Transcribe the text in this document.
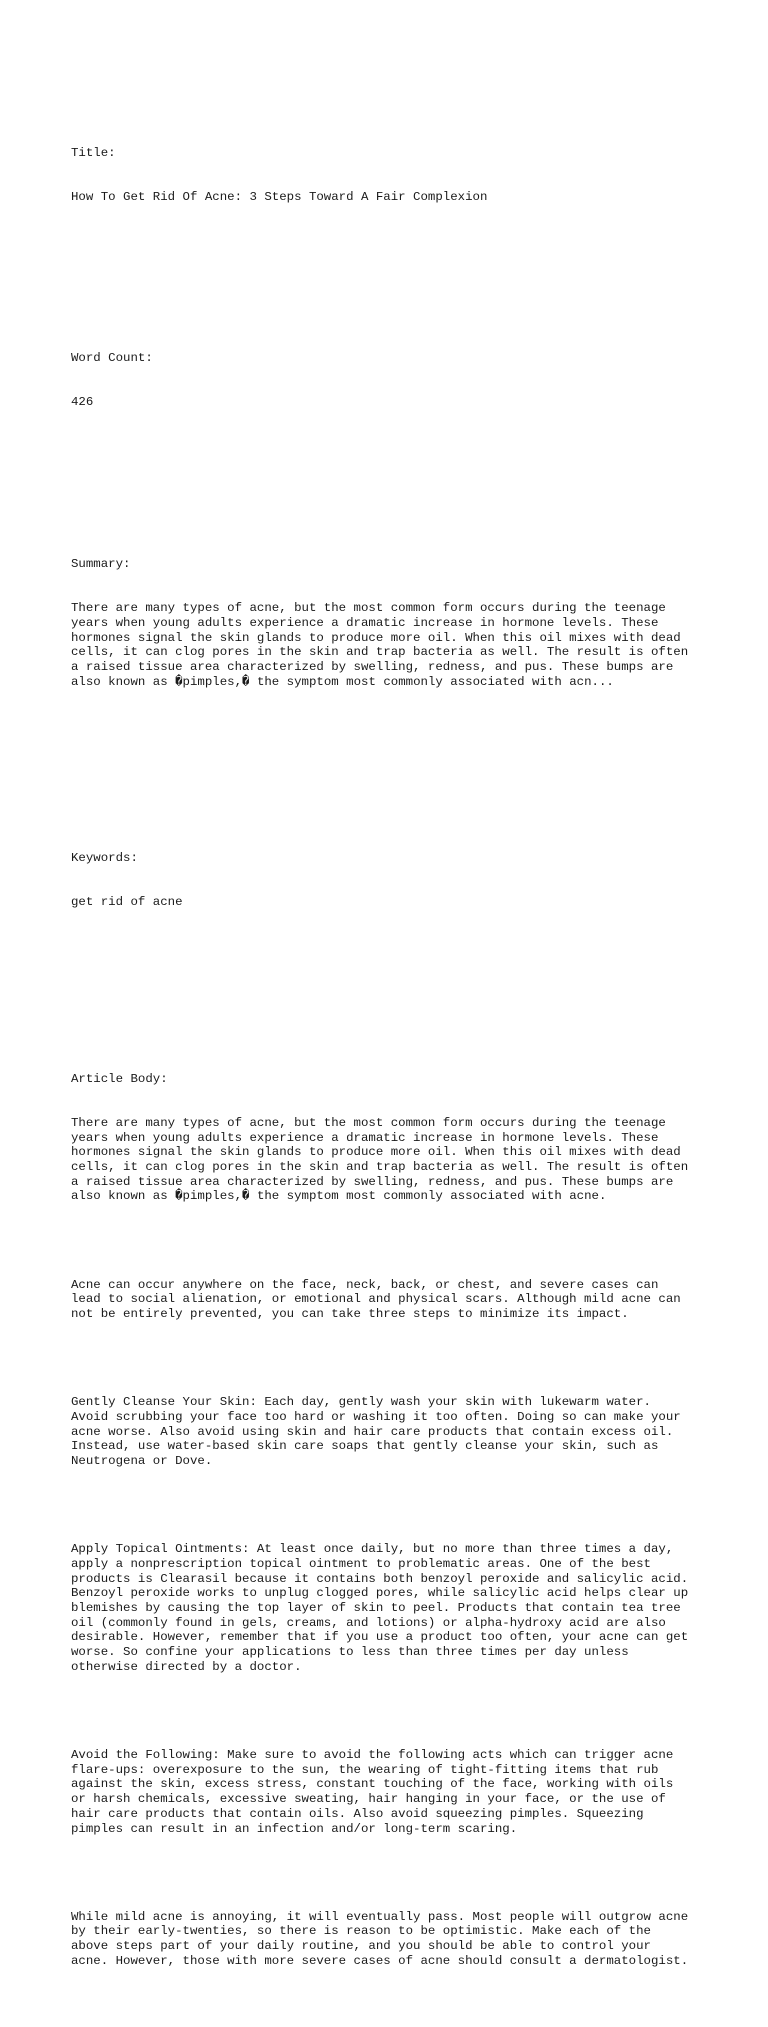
Title:

How To Get Rid Of Acne: 3 Steps Toward A Fair Complexion

Word Count:

426

Summary:

There are many types of acne, but the most common form occurs during the teenage
years when young adults experience a dramatic increase in hormone levels. These
hormones signal the skin glands to produce more oil. When this oil mixes with dead
cells, it can clog pores in the skin and trap bacteria as well. The result is often
a raised tissue area characterized by swelling, redness, and pus. These bumps are
also known as �pimples,� the symptom most commonly associated with acn...

Keywords:

get rid of acne

Article Body:

There are many types of acne, but the most common form occurs during the teenage
years when young adults experience a dramatic increase in hormone levels. These
hormones signal the skin glands to produce more oil. When this oil mixes with dead
cells, it can clog pores in the skin and trap bacteria as well. The result is often
a raised tissue area characterized by swelling, redness, and pus. These bumps are
also known as �pimples,� the symptom most commonly associated with acne.

Acne can occur anywhere on the face, neck, back, or chest, and severe cases can
lead to social alienation, or emotional and physical scars. Although mild acne can
not be entirely prevented, you can take three steps to minimize its impact.

Gently Cleanse Your Skin: Each day, gently wash your skin with lukewarm water.
Avoid scrubbing your face too hard or washing it too often. Doing so can make your
acne worse. Also avoid using skin and hair care products that contain excess oil.
Instead, use water-based skin care soaps that gently cleanse your skin, such as
Neutrogena or Dove.

Apply Topical Ointments: At least once daily, but no more than three times a day,
apply a nonprescription topical ointment to problematic areas. One of the best
products is Clearasil because it contains both benzoyl peroxide and salicylic acid.
Benzoyl peroxide works to unplug clogged pores, while salicylic acid helps clear up
blemishes by causing the top layer of skin to peel. Products that contain tea tree
oil (commonly found in gels, creams, and lotions) or alpha-hydroxy acid are also
desirable. However, remember that if you use a product too often, your acne can get
worse. So confine your applications to less than three times per day unless
otherwise directed by a doctor.

Avoid the Following: Make sure to avoid the following acts which can trigger acne
flare-ups: overexposure to the sun, the wearing of tight-fitting items that rub
against the skin, excess stress, constant touching of the face, working with oils
or harsh chemicals, excessive sweating, hair hanging in your face, or the use of
hair care products that contain oils. Also avoid squeezing pimples. Squeezing
pimples can result in an infection and/or long-term scaring.

While mild acne is annoying, it will eventually pass. Most people will outgrow acne
by their early-twenties, so there is reason to be optimistic. Make each of the
above steps part of your daily routine, and you should be able to control your
acne. However, those with more severe cases of acne should consult a dermatologist.
